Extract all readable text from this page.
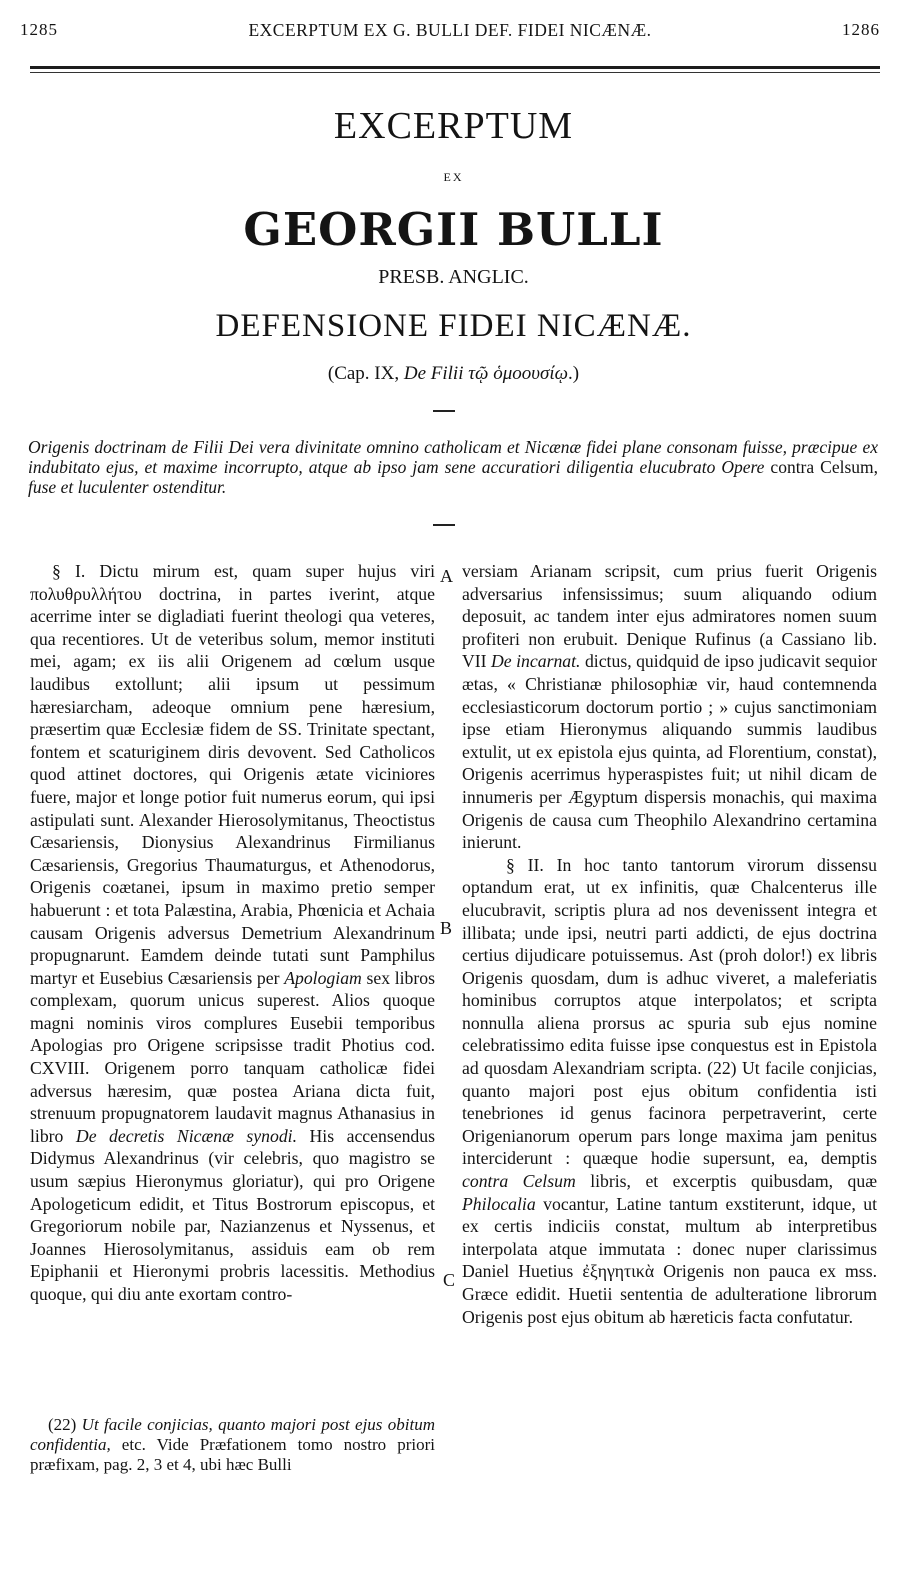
1285	EXCERPTUM EX G. BULLI DEF. FIDEI NICÆNÆ.	1286
EXCERPTUM
EX
GEORGII BULLI
PRESB. ANGLIC.
DEFENSIONE FIDEI NICÆNÆ.
(Cap. IX, De Filii τῷ ὁμοουσίῳ.)

Origenis doctrinam de Filii Dei vera divinitate omnino catholicam et Nicænæ fidei plane consonam fuisse, præcipue ex indubitato ejus, et maxime incorrupto, atque ab ipso jam sene accuratiori diligentia elucubrato Opere contra Celsum, fuse et luculenter ostenditur.

§ I. Dictu mirum est, quam super hujus viri πολυθρυλλήτου doctrina, in partes iverint, atque acerrime inter se digladiati fuerint theologi qua veteres, qua recentiores. Ut de veteribus solum, memor instituti mei, agam; ex iis alii Origenem ad cœlum usque laudibus extollunt; alii ipsum ut pessimum hæresiarcham, adeoque omnium pene hæresium, præsertim quæ Ecclesiæ fidem de SS. Trinitate spectant, fontem et scaturiginem diris devovent. Sed Catholicos quod attinet doctores, qui Origenis ætate viciniores fuere, major et longe potior fuit numerus eorum, qui ipsi astipulati sunt. Alexander Hierosolymitanus, Theoctistus Cæsariensis, Dionysius Alexandrinus Firmilianus Cæsariensis, Gregorius Thaumaturgus, et Athenodorus, Origenis coætanei, ipsum in maximo pretio semper habuerunt : et tota Palæstina, Arabia, Phœnicia et Achaia causam Origenis adversus Demetrium Alexandrinum propugnarunt. Eamdem deinde tutati sunt Pamphilus martyr et Eusebius Cæsariensis per Apologiam sex libros complexam, quorum unicus superest. Alios quoque magni nominis viros complures Eusebii temporibus Apologias pro Origene scripsisse tradit Photius cod. CXVIII. Origenem porro tanquam catholicæ fidei adversus hæresim, quæ postea Ariana dicta fuit, strenuum propugnatorem laudavit magnus Athanasius in libro De decretis Nicænæ synodi. His accensendus Didymus Alexandrinus (vir celebris, quo magistro se usum sæpius Hieronymus gloriatur), qui pro Origene Apologeticum edidit, et Titus Bostrorum episcopus, et Gregoriorum nobile par, Nazianzenus et Nyssenus, et Joannes Hierosolymitanus, assiduis eam ob rem Epiphanii et Hieronymi probris lacessitis. Methodius quoque, qui diu ante exortam contro-

A
B
C

versiam Arianam scripsit, cum prius fuerit Origenis adversarius infensissimus; suum aliquando odium deposuit, ac tandem inter ejus admiratores nomen suum profiteri non erubuit. Denique Rufinus (a Cassiano lib. VII De incarnat. dictus, quidquid de ipso judicavit sequior ætas, « Christianæ philosophiæ vir, haud contemnenda ecclesiasticorum doctorum portio ; » cujus sanctimoniam ipse etiam Hieronymus aliquando summis laudibus extulit, ut ex epistola ejus quinta, ad Florentium, constat), Origenis acerrimus hyperaspistes fuit; ut nihil dicam de innumeris per Ægyptum dispersis monachis, qui maxima Origenis de causa cum Theophilo Alexandrino certamina inierunt.

§ II. In hoc tanto tantorum virorum dissensu optandum erat, ut ex infinitis, quæ Chalcenterus ille elucubravit, scriptis plura ad nos devenissent integra et illibata; unde ipsi, neutri parti addicti, de ejus doctrina certius dijudicare potuissemus. Ast (proh dolor!) ex libris Origenis quosdam, dum is adhuc viveret, a maleferiatis hominibus corruptos atque interpolatos; et scripta nonnulla aliena prorsus ac spuria sub ejus nomine celebratissimo edita fuisse ipse conquestus est in Epistola ad quosdam Alexandriam scripta. (22) Ut facile conjicias, quanto majori post ejus obitum confidentia isti tenebriones id genus facinora perpetraverint, certe Origenianorum operum pars longe maxima jam penitus interciderunt : quæque hodie supersunt, ea, demptis contra Celsum libris, et excerptis quibusdam, quæ Philocalia vocantur, Latine tantum exstiterunt, idque, ut ex certis indiciis constat, multum ab interpretibus interpolata atque immutata : donec nuper clarissimus Daniel Huetius ἐξηγητικὰ Origenis non pauca ex mss. Græce edidit. Huetii sententia de adulteratione librorum Origenis post ejus obitum ab hæreticis facta confutatur.

(22) Ut facile conjicias, quanto majori post ejus obitum confidentia, etc. Vide Præfationem tomo nostro priori præfixam, pag. 2, 3 et 4, ubi hæc Bulli
